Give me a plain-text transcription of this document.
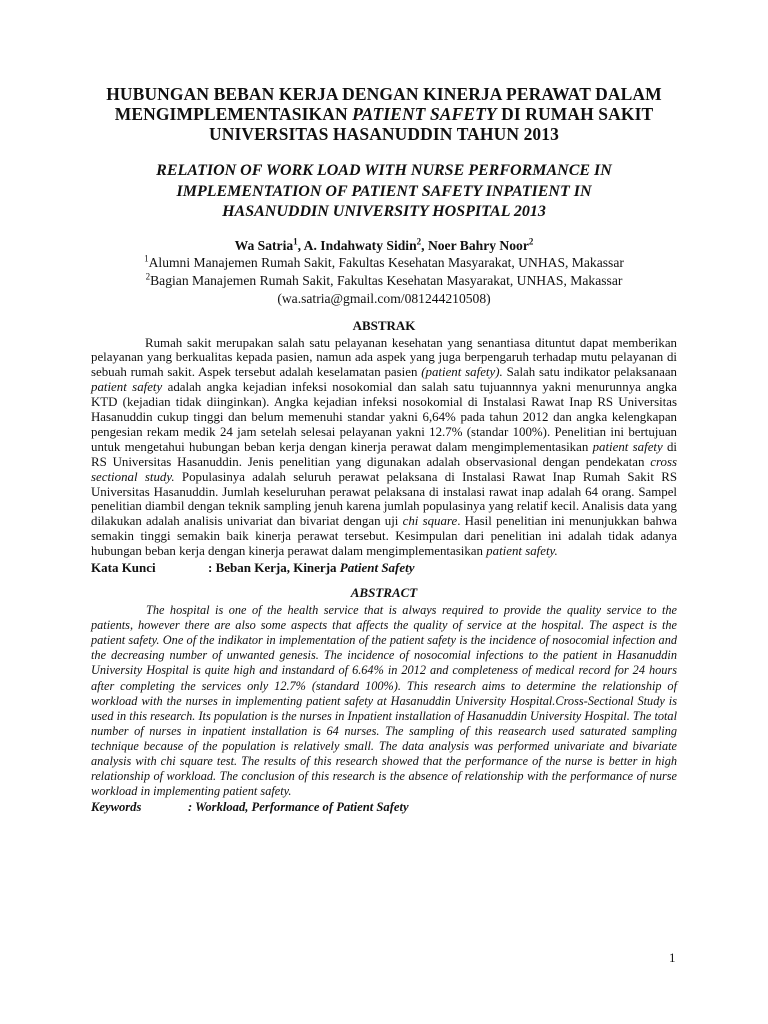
HUBUNGAN BEBAN KERJA DENGAN KINERJA PERAWAT DALAM
MENGIMPLEMENTASIKAN PATIENT SAFETY DI RUMAH SAKIT
UNIVERSITAS HASANUDDIN TAHUN 2013
RELATION OF WORK LOAD WITH NURSE PERFORMANCE IN
IMPLEMENTATION OF PATIENT SAFETY INPATIENT IN
HASANUDDIN UNIVERSITY HOSPITAL 2013
Wa Satria$^1$, A. Indahwaty Sidin$^2$, Noer Bahry Noor$^2$
$^1$Alumni Manajemen Rumah Sakit, Fakultas Kesehatan Masyarakat, UNHAS, Makassar
$^2$Bagian Manajemen Rumah Sakit, Fakultas Kesehatan Masyarakat, UNHAS, Makassar
(wa.satria@gmail.com/081244210508)
ABSTRAK

Rumah sakit merupakan salah satu pelayanan kesehatan yang senantiasa dituntut dapat memberikan pelayanan yang berkualitas kepada pasien, namun ada aspek yang juga berpengaruh terhadap mutu pelayanan di sebuah rumah sakit. Aspek tersebut adalah keselamatan pasien (patient safety). Salah satu indikator pelaksanaan patient safety adalah angka kejadian infeksi nosokomial dan salah satu tujuannnya yakni menurunnya angka KTD (kejadian tidak diinginkan). Angka kejadian infeksi nosokomial di Instalasi Rawat Inap RS Universitas Hasanuddin cukup tinggi dan belum memenuhi standar yakni 6,64% pada tahun 2012 dan angka kelengkapan pengesian rekam medik 24 jam setelah selesai pelayanan yakni 12.7% (standar 100%). Penelitian ini bertujuan untuk mengetahui hubungan beban kerja dengan kinerja perawat dalam mengimplementasikan patient safety di RS Universitas Hasanuddin. Jenis penelitian yang digunakan adalah observasional dengan pendekatan cross sectional study. Populasinya adalah seluruh perawat pelaksana di Instalasi Rawat Inap Rumah Sakit RS Universitas Hasanuddin. Jumlah keseluruhan perawat pelaksana di instalasi rawat inap adalah 64 orang. Sampel penelitian diambil dengan teknik sampling jenuh karena jumlah populasinya yang relatif kecil. Analisis data yang dilakukan adalah analisis univariat dan bivariat dengan uji chi square. Hasil penelitian ini menunjukkan bahwa semakin tinggi semakin baik kinerja perawat tersebut. Kesimpulan dari penelitian ini adalah tidak adanya hubungan beban kerja dengan kinerja perawat dalam mengimplementasikan patient safety.

Kata Kunci	: Beban Kerja, Kinerja Patient Safety
ABSTRACT

The hospital is one of the health service that is always required to provide the quality service to the patients, however there are also some aspects that affects the quality of service at the hospital. The aspect is the patient safety. One of the indikator in implementation of the patient safety is the incidence of nosocomial infection and the decreasing number of unwanted genesis. The incidence of nosocomial infections to the patient in Hasanuddin University Hospital is quite high and instandard of 6.64% in 2012 and completeness of medical record for 24 hours after completing the services only 12.7% (standard 100%). This research aims to determine the relationship of workload with the nurses in implementing patient safety at Hasanuddin University Hospital.Cross-Sectional Study is used in this research. Its population is the nurses in Inpatient installation of Hasanuddin University Hospital. The total number of nurses in inpatient installation is 64 nurses. The sampling of this reasearch used saturated sampling technique because of the population is relatively small. The data analysis was performed univariate and bivariate analysis with chi square test. The results of this research showed that the performance of the nurse is better in high relationship of workload. The conclusion of this research is the absence of relationship with the performance of nurse workload in implementing patient safety.

Keywords	: Workload, Performance of Patient Safety
1
